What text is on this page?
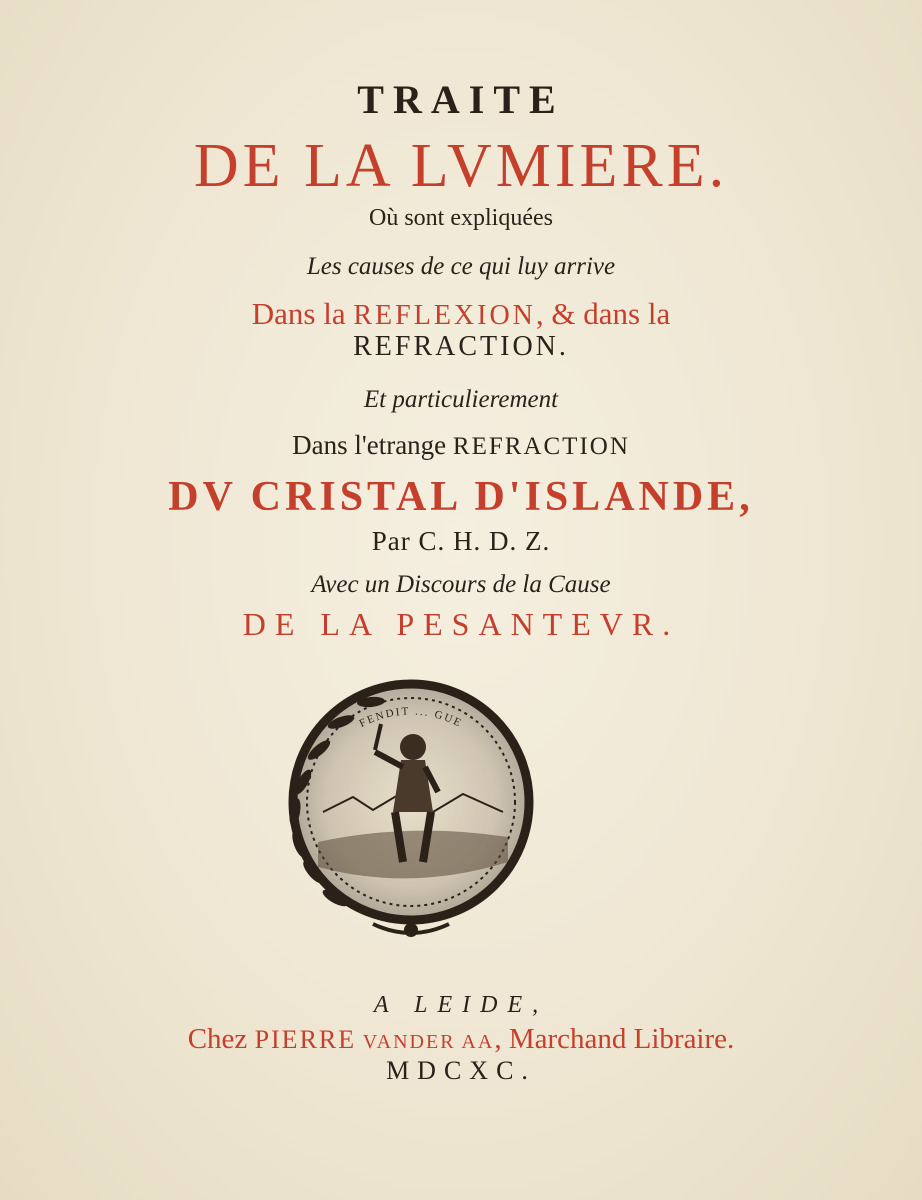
TRAITE
DE LA LVMIERE.
Où sont expliquées
Les causes de ce qui luy arrive
Dans la REFLEXION, & dans la
REFRACTION.
Et particulierement
Dans l'etrange REFRACTION
DV CRISTAL D'ISLANDE,
Par C. H. D. Z.
Avec un Discours de la Cause
DE LA PESANTEVR.
FENDIT ... GUE
A LEIDE,
Chez PIERRE VANDER AA, Marchand Libraire.
MDCXC.
